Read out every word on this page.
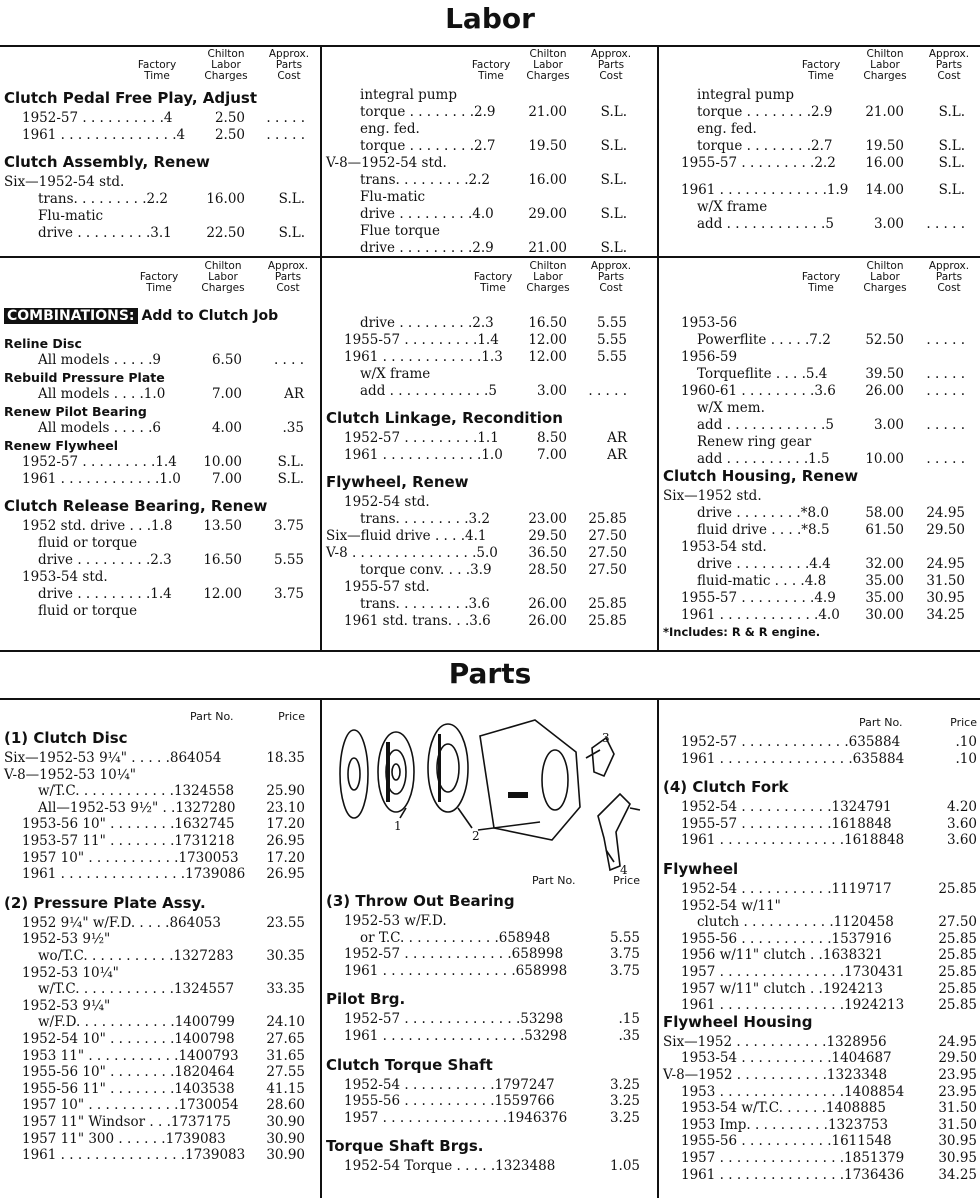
Labor
Parts
Factory
Time
Chilton
Labor
Charges
Approx.
Parts
Cost
Clutch Pedal Free Play, Adjust
1952-57 . . . . . . . . . .4	2.50	. . . . .
1961 . . . . . . . . . . . . . .4	2.50	. . . . .
Clutch Assembly, Renew
Six—1952-54 std.
trans. . . . . . . . .2.2	16.00	S.L.
Flu-matic
drive . . . . . . . . .3.1	22.50	S.L.
Factory
Time
Chilton
Labor
Charges
Approx.
Parts
Cost
integral pump
torque . . . . . . . .2.9	21.00	S.L.
eng. fed.
torque . . . . . . . .2.7	19.50	S.L.
V-8—1952-54 std.
trans. . . . . . . . .2.2	16.00	S.L.
Flu-matic
drive . . . . . . . . .4.0	29.00	S.L.
Flue torque
drive . . . . . . . . .2.9	21.00	S.L.
Factory
Time
Chilton
Labor
Charges
Approx.
Parts
Cost
integral pump
torque . . . . . . . .2.9	21.00	S.L.
eng. fed.
torque . . . . . . . .2.7	19.50	S.L.
1955-57 . . . . . . . . .2.2	16.00	S.L.
1961 . . . . . . . . . . . . .1.9	14.00	S.L.
w/X frame
add . . . . . . . . . . . .5	3.00	. . . . .
Factory
Time
Chilton
Labor
Charges
Approx.
Parts
Cost
COMBINATIONS: Add to Clutch Job
Reline Disc
All models . . . . .9	6.50	. . . .
Rebuild Pressure Plate
All models . . . .1.0	7.00	AR
Renew Pilot Bearing
All models . . . . .6	4.00	.35
Renew Flywheel
1952-57 . . . . . . . . .1.4	10.00	S.L.
1961 . . . . . . . . . . . .1.0	7.00	S.L.
Clutch Release Bearing, Renew
1952 std. drive . . .1.8	13.50	3.75
fluid or torque
drive . . . . . . . . .2.3	16.50	5.55
1953-54 std.
drive . . . . . . . . .1.4	12.00	3.75
fluid or torque
Factory
Time
Chilton
Labor
Charges
Approx.
Parts
Cost
drive . . . . . . . . .2.3	16.50	5.55
1955-57 . . . . . . . . .1.4	12.00	5.55
1961 . . . . . . . . . . . .1.3	12.00	5.55
w/X frame
add . . . . . . . . . . . .5	3.00	. . . . .
Clutch Linkage, Recondition
1952-57 . . . . . . . . .1.1	8.50	AR
1961 . . . . . . . . . . . .1.0	7.00	AR
Flywheel, Renew
1952-54 std.
trans. . . . . . . . .3.2	23.00	25.85
Six—fluid drive . . . .4.1	29.50	27.50
V-8 . . . . . . . . . . . . . . .5.0	36.50	27.50
torque conv. . . .3.9	28.50	27.50
1955-57 std.
trans. . . . . . . . .3.6	26.00	25.85
1961 std. trans. . .3.6	26.00	25.85
Factory
Time
Chilton
Labor
Charges
Approx.
Parts
Cost
1953-56
Powerflite . . . . .7.2	52.50	. . . . .
1956-59
Torqueflite . . . .5.4	39.50	. . . . .
1960-61 . . . . . . . . .3.6	26.00	. . . . .
w/X mem.
add . . . . . . . . . . . .5	3.00	. . . . .
Renew ring gear
add . . . . . . . . . .1.5	10.00	. . . . .
Clutch Housing, Renew
Six—1952 std.
drive . . . . . . . .*8.0	58.00	24.95
fluid drive . . . .*8.5	61.50	29.50
1953-54 std.
drive . . . . . . . . .4.4	32.00	24.95
fluid-matic . . . .4.8	35.00	31.50
1955-57 . . . . . . . . .4.9	35.00	30.95
1961 . . . . . . . . . . . .4.0	30.00	34.25
*Includes: R & R engine.
Part No.	Price
(1) Clutch Disc
Six—1952-53 9¼" . . . . .864054	18.35
V-8—1952-53 10¼"
w/T.C. . . . . . . . . . . .1324558	25.90
All—1952-53 9½" . .1327280	23.10
1953-56 10" . . . . . . . .1632745	17.20
1953-57 11" . . . . . . . .1731218	26.95
1957 10" . . . . . . . . . . .1730053	17.20
1961 . . . . . . . . . . . . . . .1739086	26.95
(2) Pressure Plate Assy.
1952 9¼" w/F.D. . . . .864053	23.55
1952-53 9½"
wo/T.C. . . . . . . . . . .1327283	30.35
1952-53 10¼"
w/T.C. . . . . . . . . . . .1324557	33.35
1952-53 9¼"
w/F.D. . . . . . . . . . . .1400799	24.10
1952-54 10" . . . . . . . .1400798	27.65
1953 11" . . . . . . . . . . .1400793	31.65
1955-56 10" . . . . . . . .1820464	27.55
1955-56 11" . . . . . . . .1403538	41.15
1957 10" . . . . . . . . . . .1730054	28.60
1957 11" Windsor . . .1737175	30.90
1957 11" 300 . . . . . .1739083	30.90
1961 . . . . . . . . . . . . . . .1739083	30.90
Part No.	Price
(3) Throw Out Bearing
1952-53 w/F.D.
or T.C. . . . . . . . . . . .658948	5.55
1952-57 . . . . . . . . . . . . .658998	3.75
1961 . . . . . . . . . . . . . . . .658998	3.75
Pilot Brg.
1952-57 . . . . . . . . . . . . . .53298	.15
1961 . . . . . . . . . . . . . . . . .53298	.35
Clutch Torque Shaft
1952-54 . . . . . . . . . . .1797247	3.25
1955-56 . . . . . . . . . . .1559766	3.25
1957 . . . . . . . . . . . . . . .1946376	3.25
Torque Shaft Brgs.
1952-54 Torque . . . . .1323488	1.05
Part No.	Price
1952-57 . . . . . . . . . . . . .635884	.10
1961 . . . . . . . . . . . . . . . .635884	.10
(4) Clutch Fork
1952-54 . . . . . . . . . . .1324791	4.20
1955-57 . . . . . . . . . . .1618848	3.60
1961 . . . . . . . . . . . . . . .1618848	3.60
Flywheel
1952-54 . . . . . . . . . . .1119717	25.85
1952-54 w/11"
clutch . . . . . . . . . . .1120458	27.50
1955-56 . . . . . . . . . . .1537916	25.85
1956 w/11" clutch . .1638321	25.85
1957 . . . . . . . . . . . . . . .1730431	25.85
1957 w/11" clutch . .1924213	25.85
1961 . . . . . . . . . . . . . . .1924213	25.85
Flywheel Housing
Six—1952 . . . . . . . . . . .1328956	24.95
1953-54 . . . . . . . . . . .1404687	29.50
V-8—1952 . . . . . . . . . . .1323348	23.95
1953 . . . . . . . . . . . . . . .1408854	23.95
1953-54 w/T.C. . . . . .1408885	31.50
1953 Imp. . . . . . . . . .1323753	31.50
1955-56 . . . . . . . . . . .1611548	30.95
1957 . . . . . . . . . . . . . . .1851379	30.95
1961 . . . . . . . . . . . . . . .1736436	34.25
1
2
3
4
